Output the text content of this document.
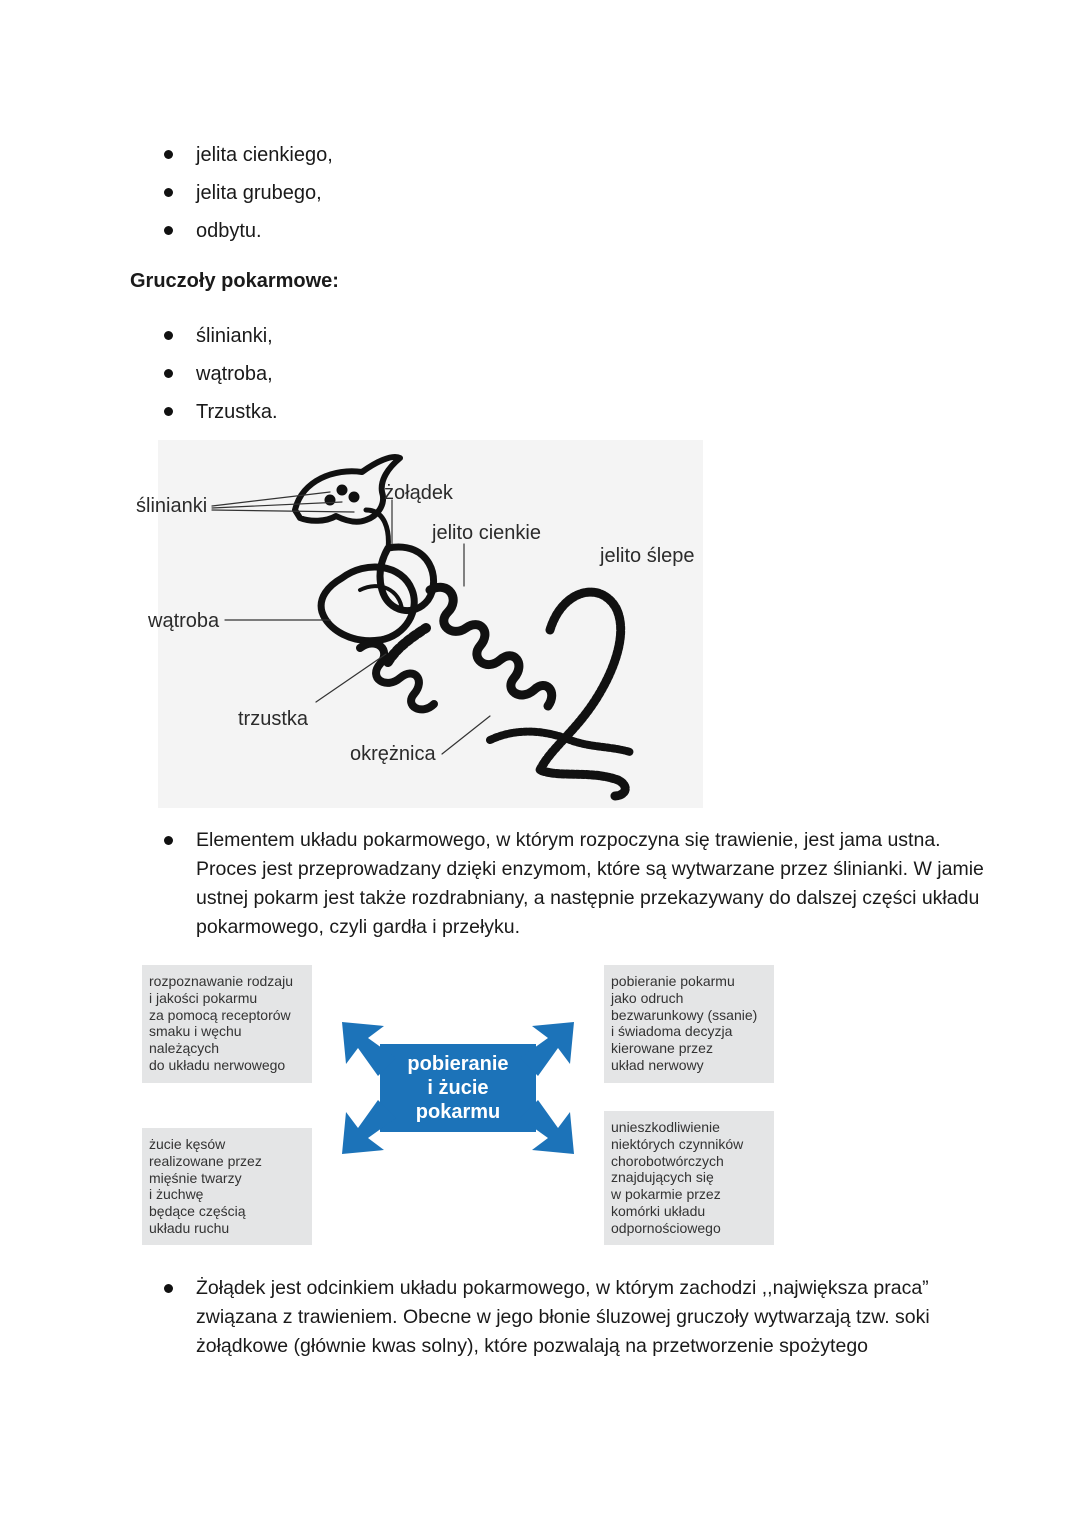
jelita cienkiego,
jelita grubego,
odbytu.
Gruczoły pokarmowe:
ślinianki,
wątroba,
Trzustka.
ślinianki
żołądek
jelito cienkie
jelito ślepe
wątroba
trzustka
okrężnica

Elementem układu pokarmowego, w którym rozpoczyna się trawienie, jest jama ustna. Proces jest przeprowadzany dzięki enzymom, które są wytwarzane przez ślinianki. W jamie ustnej pokarm jest także rozdrabniany, a następnie przekazywany do dalszej części układu pokarmowego, czyli gardła i przełyku.

rozpoznawanie rodzaju
i jakości pokarmu
za pomocą receptorów
smaku i węchu
należących
do układu nerwowego
pobieranie pokarmu
jako odruch
bezwarunkowy (ssanie)
i świadoma decyzja
kierowane przez
układ nerwowy
żucie kęsów
realizowane przez
mięśnie twarzy
i żuchwę
będące częścią
układu ruchu
unieszkodliwienie
niektórych czynników
chorobotwórczych
znajdujących się
w pokarmie przez
komórki układu
odpornościowego
pobieranie
i żucie
pokarmu

Żołądek jest odcinkiem układu pokarmowego, w którym zachodzi ,,największa praca” związana z trawieniem. Obecne w jego błonie śluzowej gruczoły wytwarzają tzw. soki żołądkowe (głównie kwas solny), które pozwalają na przetworzenie spożytego
